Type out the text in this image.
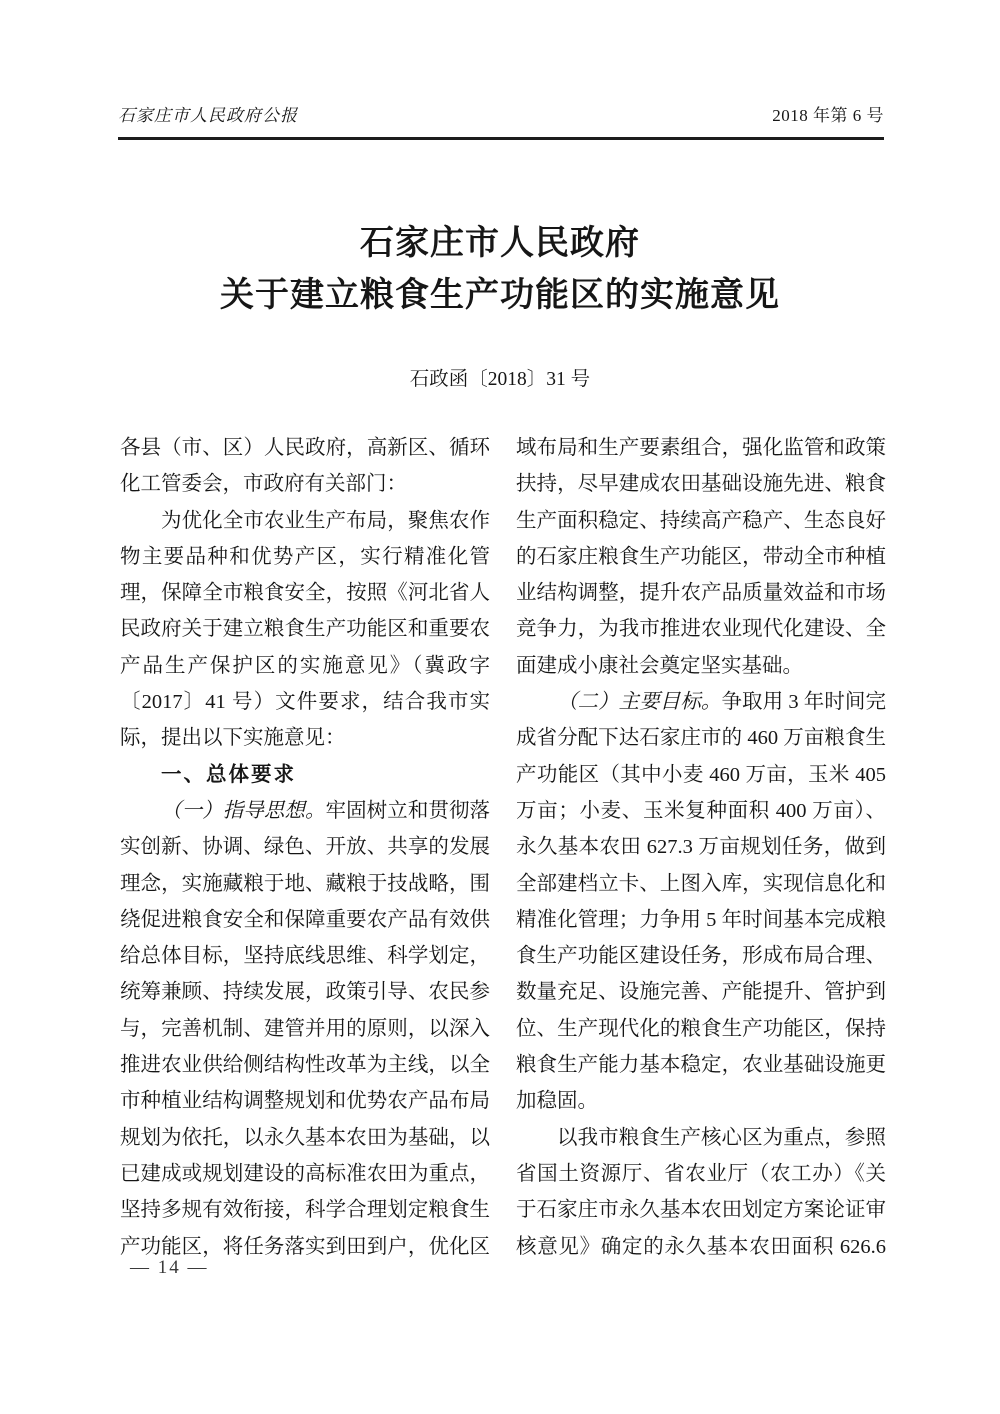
石家庄市人民政府公报	2018 年第 6 号
石家庄市人民政府
关于建立粮食生产功能区的实施意见
石政函〔2018〕31 号
各县（市、区）人民政府，高新区、循环
化工管委会，市政府有关部门：
为优化全市农业生产布局，聚焦农作
物主要品种和优势产区，实行精准化管
理，保障全市粮食安全，按照《河北省人
民政府关于建立粮食生产功能区和重要农
产品生产保护区的实施意见》（冀政字
〔2017〕41 号）文件要求，结合我市实
际，提出以下实施意见：
一、总体要求
（一）指导思想。牢固树立和贯彻落
实创新、协调、绿色、开放、共享的发展
理念，实施藏粮于地、藏粮于技战略，围
绕促进粮食安全和保障重要农产品有效供
给总体目标，坚持底线思维、科学划定，
统筹兼顾、持续发展，政策引导、农民参
与，完善机制、建管并用的原则，以深入
推进农业供给侧结构性改革为主线，以全
市种植业结构调整规划和优势农产品布局
规划为依托，以永久基本农田为基础，以
已建成或规划建设的高标准农田为重点，
坚持多规有效衔接，科学合理划定粮食生
产功能区，将任务落实到田到户，优化区
域布局和生产要素组合，强化监管和政策
扶持，尽早建成农田基础设施先进、粮食
生产面积稳定、持续高产稳产、生态良好
的石家庄粮食生产功能区，带动全市种植
业结构调整，提升农产品质量效益和市场
竞争力，为我市推进农业现代化建设、全
面建成小康社会奠定坚实基础。
（二）主要目标。争取用 3 年时间完
成省分配下达石家庄市的 460 万亩粮食生
产功能区（其中小麦 460 万亩，玉米 405
万亩；小麦、玉米复种面积 400 万亩）、
永久基本农田 627.3 万亩规划任务，做到
全部建档立卡、上图入库，实现信息化和
精准化管理；力争用 5 年时间基本完成粮
食生产功能区建设任务，形成布局合理、
数量充足、设施完善、产能提升、管护到
位、生产现代化的粮食生产功能区，保持
粮食生产能力基本稳定，农业基础设施更
加稳固。
以我市粮食生产核心区为重点，参照
省国土资源厅、省农业厅（农工办）《关
于石家庄市永久基本农田划定方案论证审
核意见》确定的永久基本农田面积 626.6
— 14 —
